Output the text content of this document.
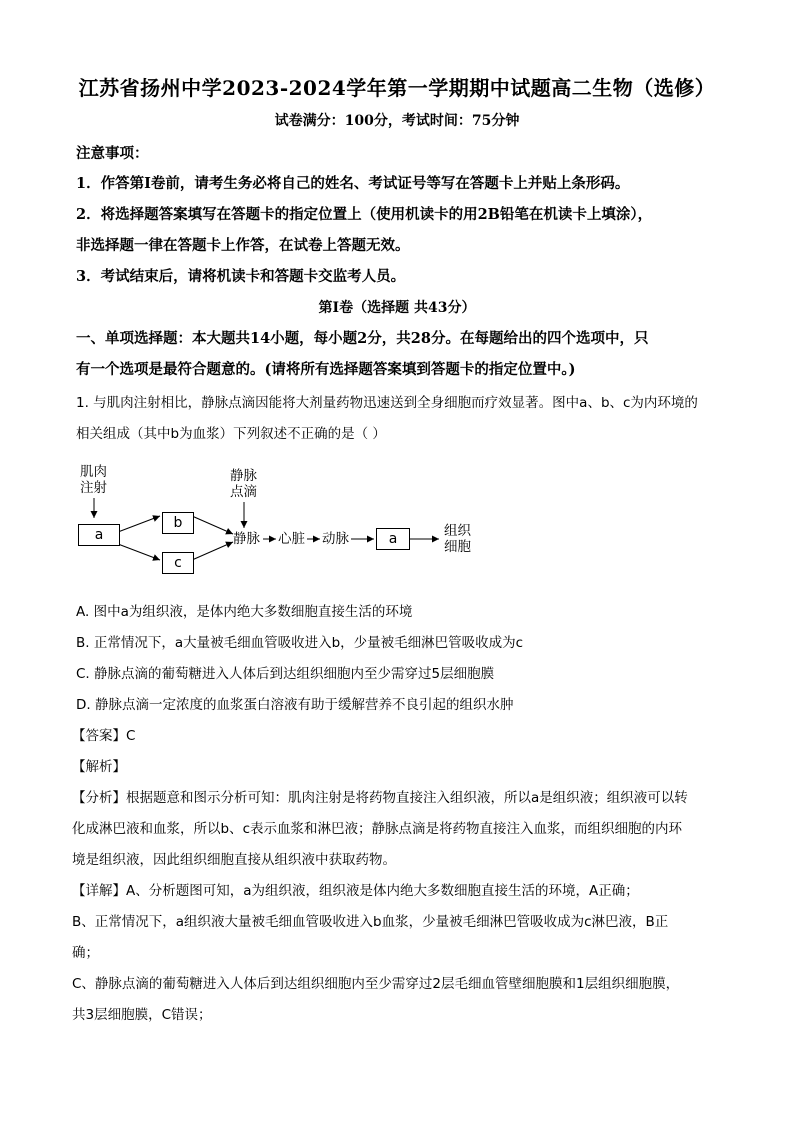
江苏省扬州中学2023-2024学年第一学期期中试题高二生物（选修）
试卷满分：100分，考试时间：75分钟
注意事项：
1．作答第Ⅰ卷前，请考生务必将自己的姓名、考试证号等写在答题卡上并贴上条形码。
2．将选择题答案填写在答题卡的指定位置上（使用机读卡的用2B铅笔在机读卡上填涂），
非选择题一律在答题卡上作答，在试卷上答题无效。
3．考试结束后，请将机读卡和答题卡交监考人员。
第Ⅰ卷（选择题 共43分）
一、单项选择题：本大题共14小题，每小题2分，共28分。在每题给出的四个选项中，只
有一个选项是最符合题意的。(请将所有选择题答案填到答题卡的指定位置中。)
1. 与肌肉注射相比，静脉点滴因能将大剂量药物迅速送到全身细胞而疗效显著。图中a、b、c为内环境的
相关组成（其中b为血浆）下列叙述不正确的是（ ）
肌肉
注射
静脉
点滴
a
b
c
静脉 心脏 动脉	a	组织
细胞
A. 图中a为组织液，是体内绝大多数细胞直接生活的环境
B. 正常情况下，a大量被毛细血管吸收进入b，少量被毛细淋巴管吸收成为c
C. 静脉点滴的葡萄糖进入人体后到达组织细胞内至少需穿过5层细胞膜
D. 静脉点滴一定浓度的血浆蛋白溶液有助于缓解营养不良引起的组织水肿
【答案】C
【解析】
【分析】根据题意和图示分析可知：肌肉注射是将药物直接注入组织液，所以a是组织液；组织液可以转
化成淋巴液和血浆，所以b、c表示血浆和淋巴液；静脉点滴是将药物直接注入血浆，而组织细胞的内环
境是组织液，因此组织细胞直接从组织液中获取药物。
【详解】A、分析题图可知，a为组织液，组织液是体内绝大多数细胞直接生活的环境，A正确；
B、正常情况下，a组织液大量被毛细血管吸收进入b血浆，少量被毛细淋巴管吸收成为c淋巴液，B正
确；
C、静脉点滴的葡萄糖进入人体后到达组织细胞内至少需穿过2层毛细血管壁细胞膜和1层组织细胞膜，
共3层细胞膜，C错误；
